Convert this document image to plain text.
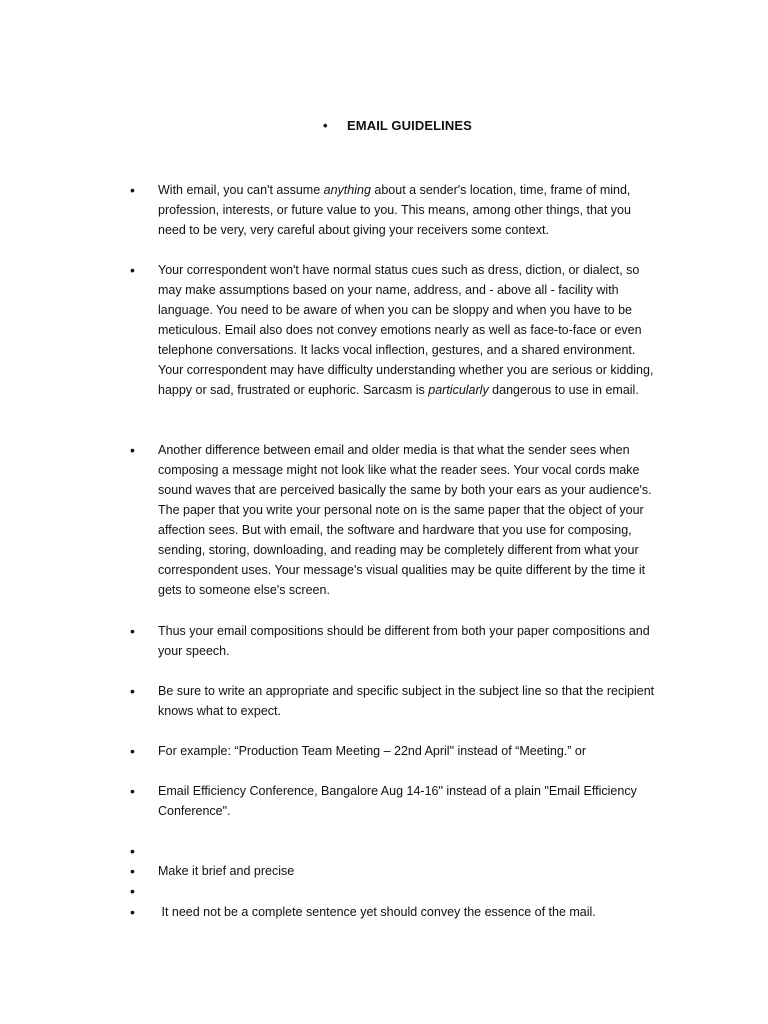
• EMAIL GUIDELINES
•	With email, you can't assume anything about a sender's location, time, frame of mind, profession, interests, or future value to you. This means, among other things, that you need to be very, very careful about giving your receivers some context.
•	Your correspondent won't have normal status cues such as dress, diction, or dialect, so may make assumptions based on your name, address, and - above all - facility with language. You need to be aware of when you can be sloppy and when you have to be meticulous. Email also does not convey emotions nearly as well as face-to-face or even telephone conversations. It lacks vocal inflection, gestures, and a shared environment. Your correspondent may have difficulty understanding whether you are serious or kidding, happy or sad, frustrated or euphoric. Sarcasm is particularly dangerous to use in email.
•	Another difference between email and older media is that what the sender sees when composing a message might not look like what the reader sees. Your vocal cords make sound waves that are perceived basically the same by both your ears as your audience's. The paper that you write your personal note on is the same paper that the object of your affection sees. But with email, the software and hardware that you use for composing, sending, storing, downloading, and reading may be completely different from what your correspondent uses. Your message's visual qualities may be quite different by the time it gets to someone else's screen.
•	Thus your email compositions should be different from both your paper compositions and your speech.
•	Be sure to write an appropriate and specific subject in the subject line so that the recipient knows what to expect.
•	For example: “Production Team Meeting – 22nd April" instead of “Meeting.” or
•	Email Efficiency Conference, Bangalore Aug 14-16" instead of a plain "Email Efficiency Conference".
•
•	Make it brief and precise
•
•	It need not be a complete sentence yet should convey the essence of the mail.
